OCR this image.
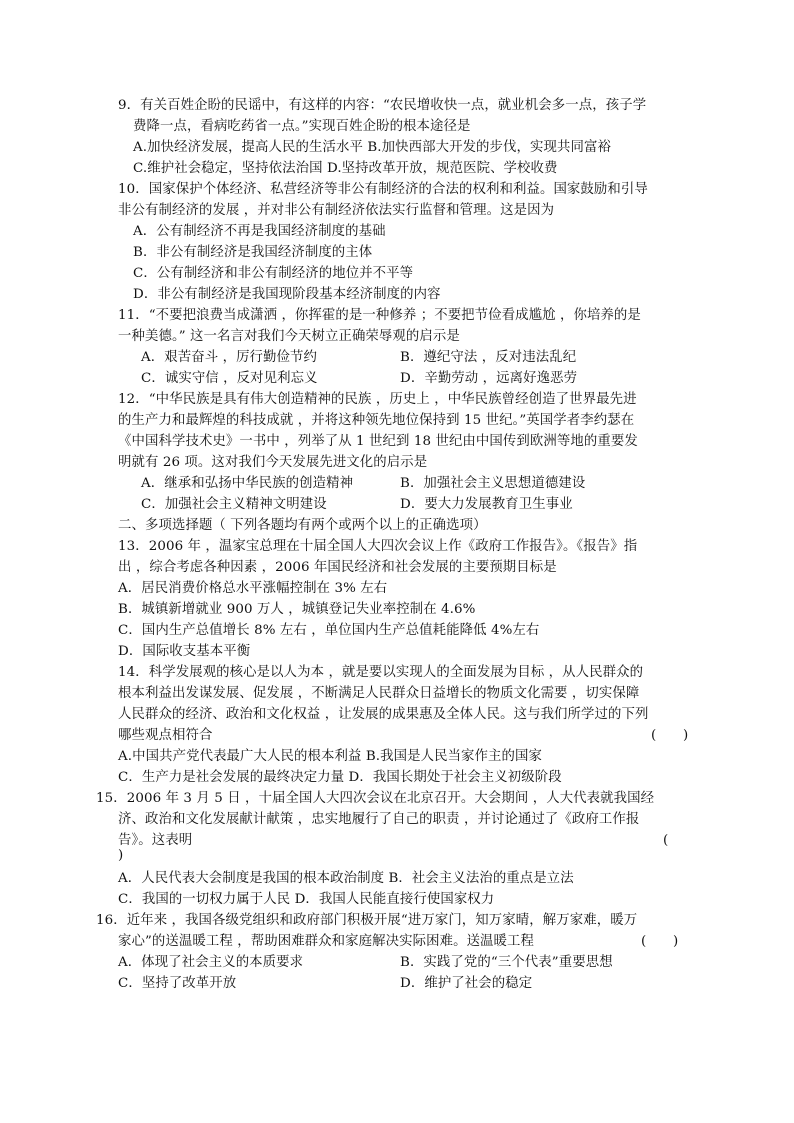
9．有关百姓企盼的民谣中，有这样的内容：“农民增收快一点，就业机会多一点，孩子学
费降一点，看病吃药省一点。”实现百姓企盼的根本途径是
A.加快经济发展，提高人民的生活水平 B.加快西部大开发的步伐，实现共同富裕
C.维护社会稳定，坚持依法治国 D.坚持改革开放，规范医院、学校收费
10．国家保护个体经济、私营经济等非公有制经济的合法的权利和利益。国家鼓励和引导
非公有制经济的发展 ，并对非公有制经济依法实行监督和管理。这是因为
A．公有制经济不再是我国经济制度的基础
B．非公有制经济是我国经济制度的主体
C．公有制经济和非公有制经济的地位并不平等
D．非公有制经济是我国现阶段基本经济制度的内容
11．“不要把浪费当成潇洒 ，你挥霍的是一种修养 ；不要把节俭看成尴尬 ，你培养的是
一种美德。” 这一名言对我们今天树立正确荣辱观的启示是
A．艰苦奋斗 ，厉行勤俭节约	B．遵纪守法 ，反对违法乱纪
C．诚实守信 ，反对见利忘义	D．辛勤劳动 ，远离好逸恶劳
12．“中华民族是具有伟大创造精神的民族 ，历史上 ，中华民族曾经创造了世界最先进
的生产力和最辉煌的科技成就 ，并将这种领先地位保持到 15 世纪。”英国学者李约瑟在
《中国科学技术史》一书中 ，列举了从 1 世纪到 18 世纪由中国传到欧洲等地的重要发
明就有 26 项。这对我们今天发展先进文化的启示是
A．继承和弘扬中华民族的创造精神	B．加强社会主义思想道德建设
C．加强社会主义精神文明建设	D．要大力发展教育卫生事业
二、多项选择题（ 下列各题均有两个或两个以上的正确选项）
13．2006 年 ，温家宝总理在十届全国人大四次会议上作《政府工作报告》。《报告》指
出 ，综合考虑各种因素 ，2006 年国民经济和社会发展的主要预期目标是
A．居民消费价格总水平涨幅控制在 3% 左右
B．城镇新增就业 900 万人 ，城镇登记失业率控制在 4.6%
C．国内生产总值增长 8% 左右 ，单位国内生产总值耗能降低 4%左右
D．国际收支基本平衡
14．科学发展观的核心是以人为本 ，就是要以实现人的全面发展为目标 ，从人民群众的
根本利益出发谋发展、促发展 ，不断满足人民群众日益增长的物质文化需要 ，切实保障
人民群众的经济、政治和文化权益 ，让发展的成果惠及全体人民。这与我们所学过的下列
哪些观点相符合	(　　)
A.中国共产党代表最广大人民的根本利益 B.我国是人民当家作主的国家
C．生产力是社会发展的最终决定力量 D．我国长期处于社会主义初级阶段
15．2006 年 3 月 5 日 ，十届全国人大四次会议在北京召开。大会期间 ，人大代表就我国经
济、政治和文化发展献计献策 ，忠实地履行了自己的职责 ，并讨论通过了《政府工作报
告》。这表明	(
)
A．人民代表大会制度是我国的根本政治制度 B．社会主义法治的重点是立法
C．我国的一切权力属于人民 D．我国人民能直接行使国家权力
16．近年来 ，我国各级党组织和政府部门积极开展“进万家门，知万家晴，解万家难，暖万
家心”的送温暖工程 ，帮助困难群众和家庭解决实际困难。送温暖工程	(　　)
A．体现了社会主义的本质要求	B．实践了党的“三个代表”重要思想
C．坚持了改革开放	D．维护了社会的稳定
